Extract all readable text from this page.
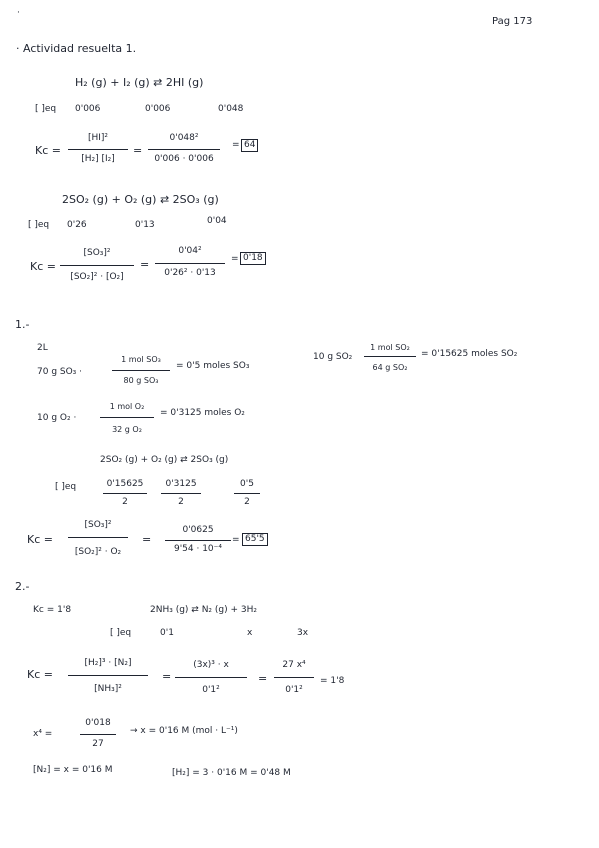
·
Pag 173
· Actividad resuelta 1.
H₂ (g) + I₂ (g) ⇄ 2HI (g)
[ ]eq 0'006	0'006	0'048
Kc =
[HI]²
[H₂] [I₂]
=
0'048²
0'006 · 0'006
= 64
2SO₂ (g) + O₂ (g) ⇄ 2SO₃ (g)
[ ]eq 0'26	0'13	0'04
Kc =
[SO₃]²
[SO₂]² · [O₂]
=
0'04²
0'26² · 0'13
= 0'18
1.-
2L
70 g SO₃ ·
1 mol SO₃
80 g SO₃
= 0'5 moles SO₃
10 g SO₂
1 mol SO₂
64 g SO₂
= 0'15625 moles SO₂
10 g O₂ ·
1 mol O₂
32 g O₂
= 0'3125 moles O₂
2SO₂ (g) + O₂ (g) ⇄ 2SO₃ (g)
[ ]eq	0'15625
2
0'3125
2
0'5
2
Kc =
[SO₃]²
[SO₂]² · O₂
=
0'0625
9'54 · 10⁻⁴
= 65'5
2.-
Kc = 1'8	2NH₃ (g) ⇄ N₂ (g) + 3H₂
[ ]eq	0'1	x	3x
Kc =
[H₂]³ · [N₂]
[NH₃]²
=
(3x)³ · x
0'1²
=
27 x⁴
0'1²
= 1'8
x⁴ =
0'018
27
→ x = 0'16 M (mol · L⁻¹)
[N₂] = x = 0'16 M	[H₂] = 3 · 0'16 M = 0'48 M
